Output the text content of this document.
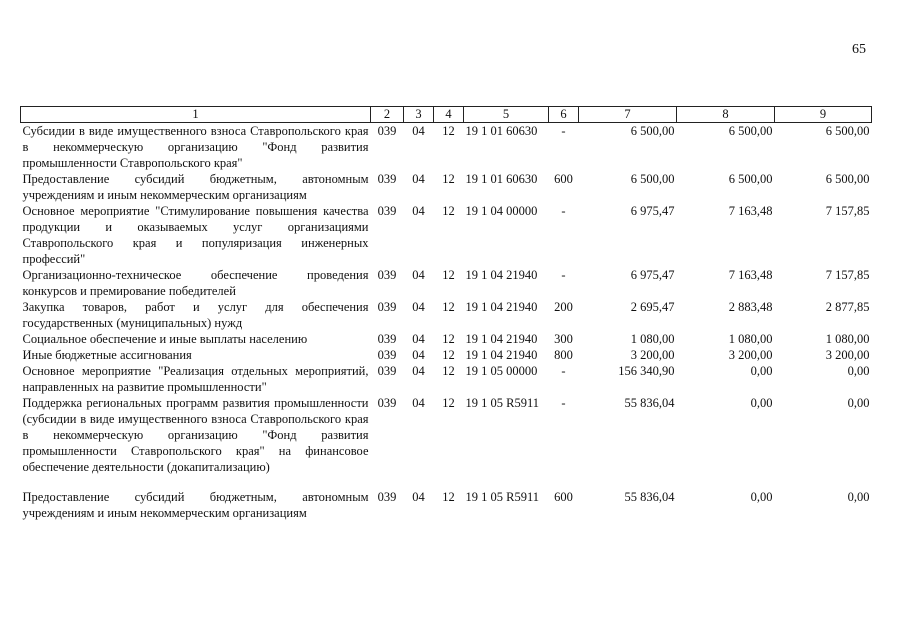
65
1	2	3	4	5	6	7	8	9
Субсидии в виде имущественного взноса Ставропольского края в некоммерческую организацию "Фонд развития промышленности Ставропольского края"	039	04	12	19 1 01 60630	-	6 500,00	6 500,00	6 500,00
Предоставление субсидий бюджетным, автономным учреждениям и иным некоммерческим организациям	039	04	12	19 1 01 60630	600	6 500,00	6 500,00	6 500,00
Основное мероприятие "Стимулирование повышения качества продукции и оказываемых услуг организациями Ставропольского края и популяризация инженерных профессий"	039	04	12	19 1 04 00000	-	6 975,47	7 163,48	7 157,85
Организационно-техническое обеспечение проведения конкурсов и премирование победителей	039	04	12	19 1 04 21940	-	6 975,47	7 163,48	7 157,85
Закупка товаров, работ и услуг для обеспечения государственных (муниципальных) нужд	039	04	12	19 1 04 21940	200	2 695,47	2 883,48	2 877,85
Социальное обеспечение и иные выплаты населению	039	04	12	19 1 04 21940	300	1 080,00	1 080,00	1 080,00
Иные бюджетные ассигнования	039	04	12	19 1 04 21940	800	3 200,00	3 200,00	3 200,00
Основное мероприятие "Реализация отдельных мероприятий, направленных на развитие промышленности"	039	04	12	19 1 05 00000	-	156 340,90	0,00	0,00
Поддержка региональных программ развития промышленности (субсидии в виде имущественного взноса Ставропольского края в некоммерческую организацию "Фонд развития промышленности Ставропольского края" на финансовое обеспечение деятельности (докапитализацию)	039	04	12	19 1 05 R5911	-	55 836,04	0,00	0,00

Предоставление субсидий бюджетным, автономным учреждениям и иным некоммерческим организациям	039	04	12	19 1 05 R5911	600	55 836,04	0,00	0,00
